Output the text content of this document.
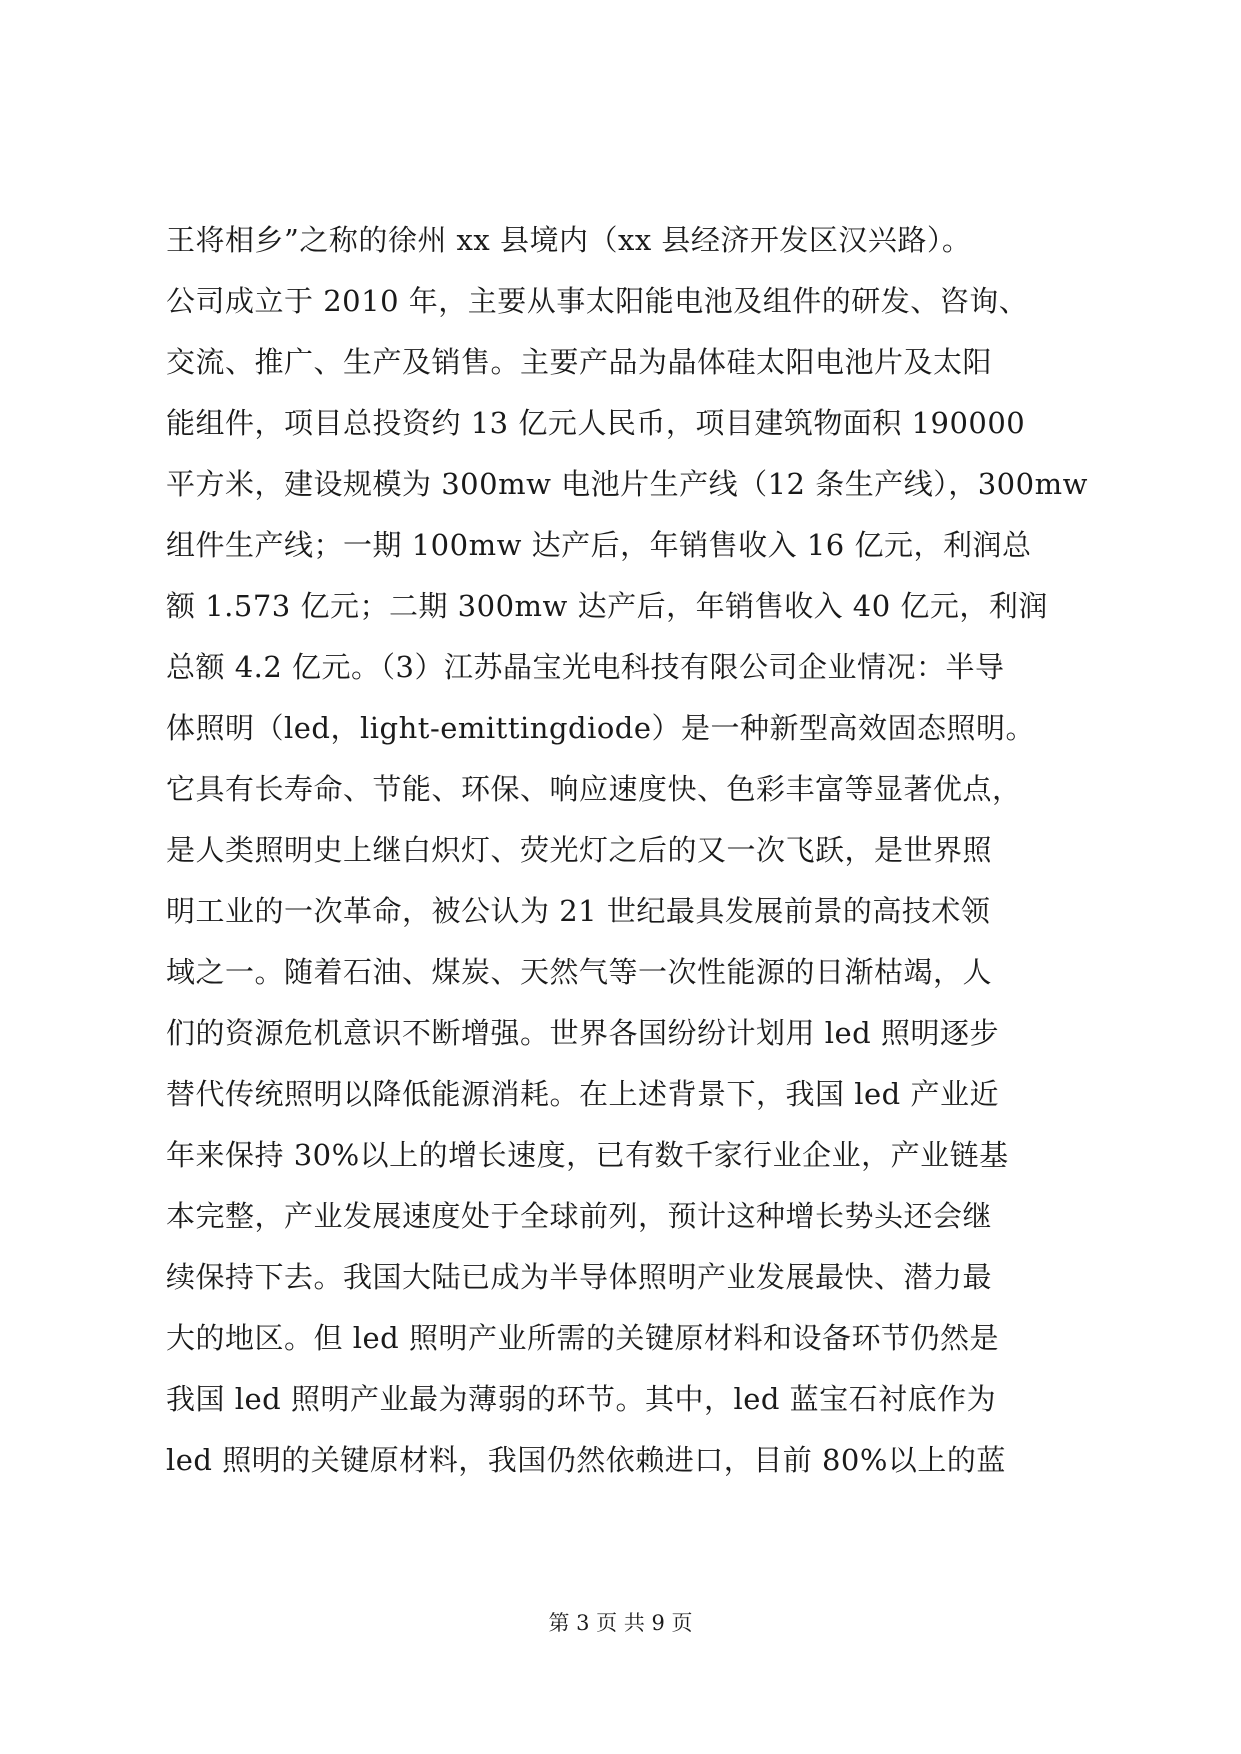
王将相乡”之称的徐州 xx 县境内（xx 县经济开发区汉兴路）。
公司成立于 2010 年，主要从事太阳能电池及组件的研发、咨询、
交流、推广、生产及销售。主要产品为晶体硅太阳电池片及太阳
能组件，项目总投资约 13 亿元人民币，项目建筑物面积 190000
平方米，建设规模为 300mw 电池片生产线（12 条生产线），300mw
组件生产线；一期 100mw 达产后，年销售收入 16 亿元，利润总
额 1.573 亿元；二期 300mw 达产后，年销售收入 40 亿元，利润
总额 4.2 亿元。（3）江苏晶宝光电科技有限公司企业情况：半导
体照明（led，light-emittingdiode）是一种新型高效固态照明。
它具有长寿命、节能、环保、响应速度快、色彩丰富等显著优点，
是人类照明史上继白炽灯、荧光灯之后的又一次飞跃，是世界照
明工业的一次革命，被公认为 21 世纪最具发展前景的高技术领
域之一。随着石油、煤炭、天然气等一次性能源的日渐枯竭，人
们的资源危机意识不断增强。世界各国纷纷计划用 led 照明逐步
替代传统照明以降低能源消耗。在上述背景下，我国 led 产业近
年来保持 30%以上的增长速度，已有数千家行业企业，产业链基
本完整，产业发展速度处于全球前列，预计这种增长势头还会继
续保持下去。我国大陆已成为半导体照明产业发展最快、潜力最
大的地区。但 led 照明产业所需的关键原材料和设备环节仍然是
我国 led 照明产业最为薄弱的环节。其中，led 蓝宝石衬底作为
led 照明的关键原材料，我国仍然依赖进口，目前 80%以上的蓝
第 3 页 共 9 页
